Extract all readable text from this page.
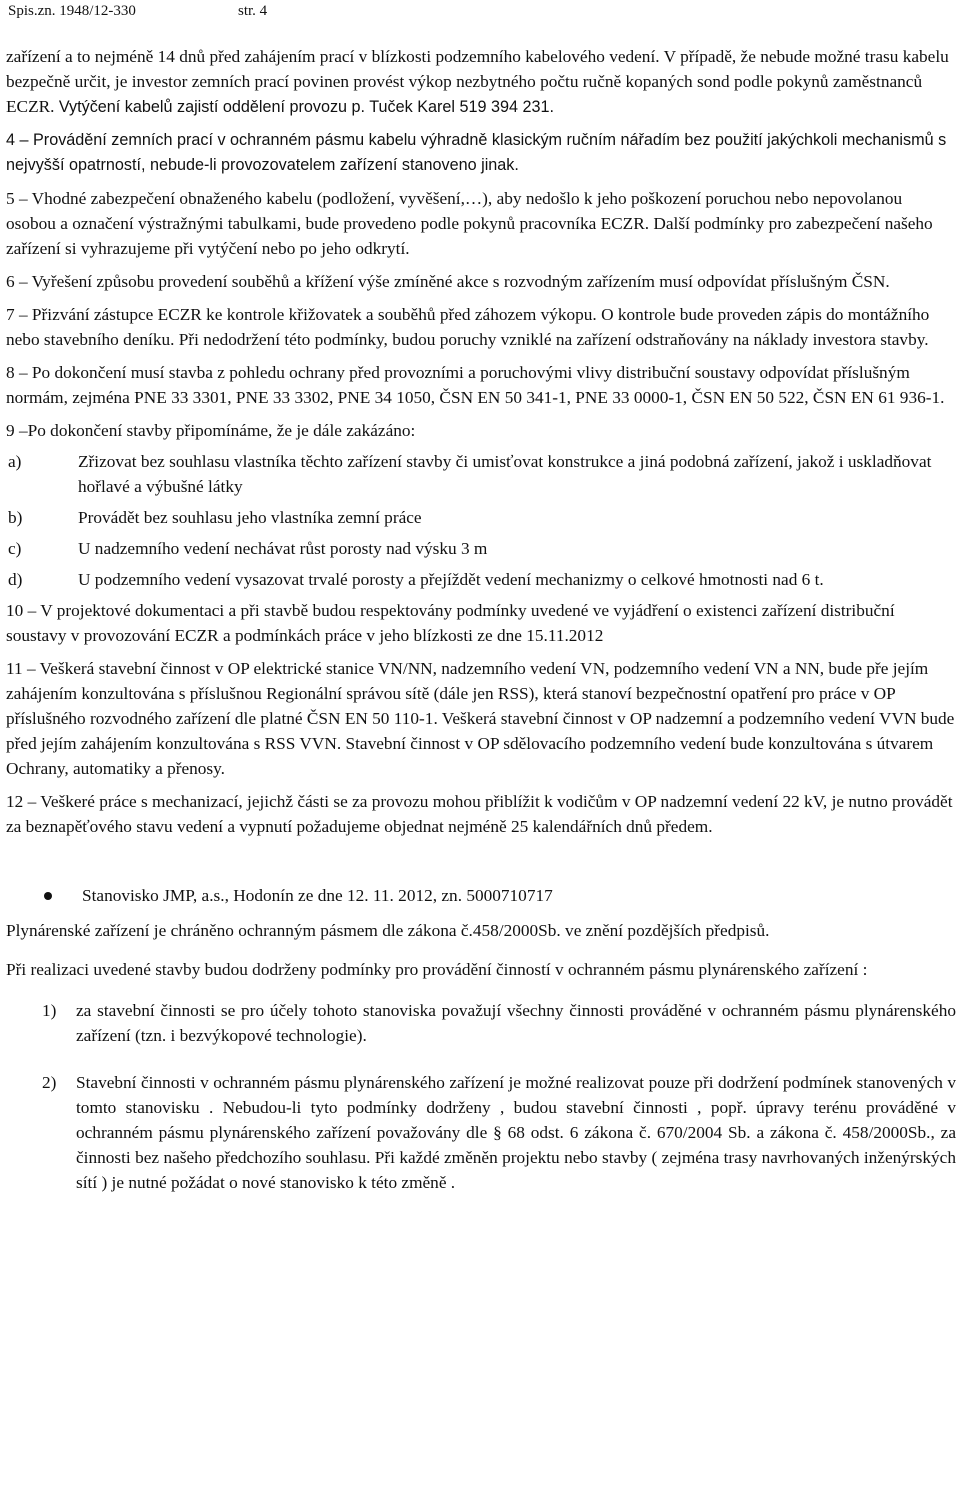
Spis.zn. 1948/12-330	str. 4

zařízení a to nejméně 14 dnů před zahájením prací v blízkosti podzemního kabelového vedení. V případě, že nebude možné trasu kabelu bezpečně určit, je investor zemních prací povinen provést výkop nezbytného počtu ručně kopaných sond podle pokynů zaměstnanců ECZR. Vytýčení kabelů zajistí oddělení provozu p. Tuček Karel 519 394 231.

4 – Provádění zemních prací v ochranném pásmu kabelu výhradně klasickým ručním nářadím bez použití jakýchkoli mechanismů s nejvyšší opatrností, nebude-li provozovatelem zařízení stanoveno jinak.

5 – Vhodné zabezpečení obnaženého kabelu (podložení, vyvěšení,…), aby nedošlo k jeho poškození poruchou nebo nepovolanou osobou a označení výstražnými tabulkami, bude provedeno podle pokynů pracovníka ECZR. Další podmínky pro zabezpečení našeho zařízení si vyhrazujeme při vytýčení nebo po jeho odkrytí.

6 – Vyřešení způsobu provedení souběhů a křížení výše zmíněné akce s rozvodným zařízením musí odpovídat příslušným ČSN.

7 – Přizvání zástupce ECZR ke kontrole křižovatek a souběhů před záhozem výkopu. O kontrole bude proveden zápis do montážního nebo stavebního deníku. Při nedodržení této podmínky, budou poruchy vzniklé na zařízení odstraňovány na náklady investora stavby.

8 – Po dokončení musí stavba z pohledu ochrany před provozními a poruchovými vlivy distribuční soustavy odpovídat příslušným normám, zejména PNE 33 3301, PNE 33 3302, PNE 34 1050, ČSN EN 50 341-1, PNE 33 0000-1, ČSN EN 50 522, ČSN EN 61 936-1.

9 –Po dokončení stavby připomínáme, že je dále zakázáno:

a)	Zřizovat bez souhlasu vlastníka těchto zařízení stavby či umisťovat konstrukce a jiná podobná zařízení, jakož i uskladňovat hořlavé a výbušné látky
b)	Provádět bez souhlasu jeho vlastníka zemní práce
c)	U nadzemního vedení nechávat růst porosty nad výsku 3 m
d)	U podzemního vedení vysazovat trvalé porosty a přejíždět vedení mechanizmy o celkové hmotnosti nad 6 t.

10 – V projektové dokumentaci a při stavbě budou respektovány podmínky uvedené ve vyjádření o existenci zařízení distribuční soustavy v provozování ECZR a podmínkách práce v jeho blízkosti ze dne 15.11.2012

11 – Veškerá stavební činnost v OP elektrické stanice VN/NN, nadzemního vedení VN, podzemního vedení VN a NN, bude pře jejím zahájením konzultována s příslušnou Regionální správou sítě (dále jen RSS), která stanoví bezpečnostní opatření pro práce v OP příslušného rozvodného zařízení dle platné ČSN EN 50 110-1. Veškerá stavební činnost v OP nadzemní a podzemního vedení VVN bude před jejím zahájením konzultována s RSS VVN. Stavební činnost v OP sdělovacího podzemního vedení bude konzultována s útvarem Ochrany, automatiky a přenosy.

12 – Veškeré práce s mechanizací, jejichž části se za provozu mohou přiblížit k vodičům v OP nadzemní vedení 22 kV, je nutno provádět za beznapěťového stavu vedení a vypnutí požadujeme objednat nejméně 25 kalendářních dnů předem.

Stanovisko JMP, a.s., Hodonín ze dne 12. 11. 2012, zn. 5000710717

Plynárenské zařízení je chráněno ochranným pásmem dle zákona č.458/2000Sb. ve znění pozdějších předpisů.

Při realizaci uvedené stavby budou dodrženy podmínky pro provádění činností v ochranném pásmu plynárenského zařízení :

1)	za stavební činnosti se pro účely tohoto stanoviska považují všechny činnosti prováděné v ochranném pásmu plynárenského zařízení (tzn. i bezvýkopové technologie).
2)	Stavební činnosti v ochranném pásmu plynárenského zařízení je možné realizovat pouze při dodržení podmínek stanovených v tomto stanovisku . Nebudou-li tyto podmínky dodrženy , budou stavební činnosti , popř. úpravy terénu prováděné v ochranném pásmu plynárenského zařízení považovány dle § 68 odst. 6 zákona č. 670/2004 Sb. a zákona č. 458/2000Sb., za činnosti bez našeho předchozího souhlasu. Při každé změněn projektu nebo stavby ( zejména trasy navrhovaných inženýrských sítí ) je nutné požádat o nové stanovisko k této změně .
